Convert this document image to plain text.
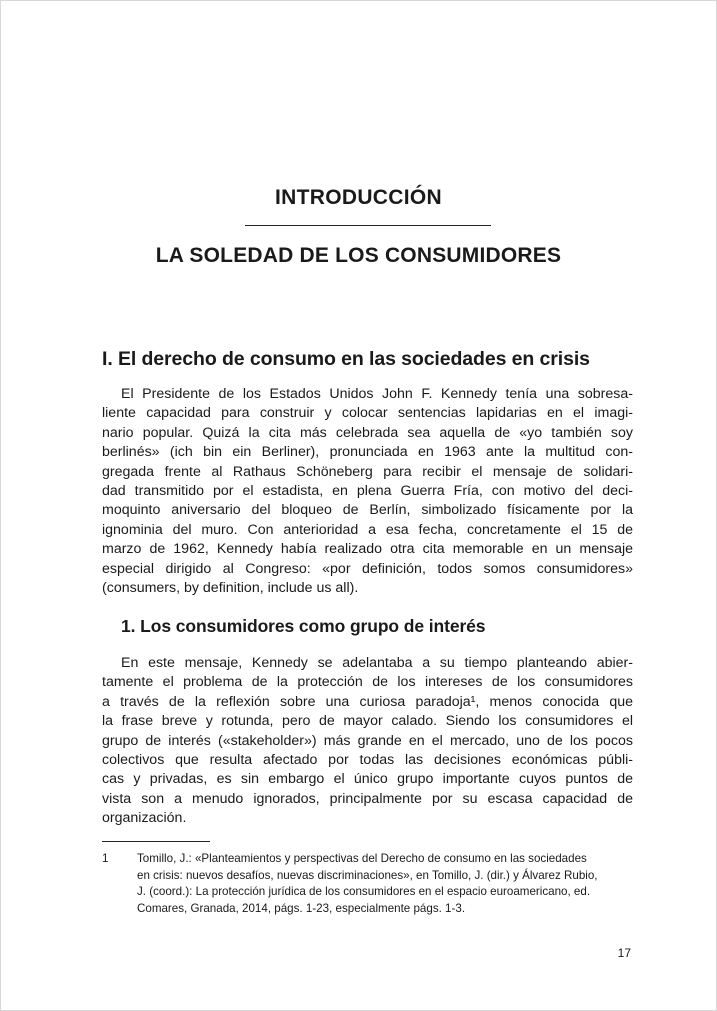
INTRODUCCIÓN
LA SOLEDAD DE LOS CONSUMIDORES
I. El derecho de consumo en las sociedades en crisis

El Presidente de los Estados Unidos John F. Kennedy tenía una sobresa-
liente capacidad para construir y colocar sentencias lapidarias en el imagi-
nario popular. Quizá la cita más celebrada sea aquella de «yo también soy
berlinés» (ich bin ein Berliner), pronunciada en 1963 ante la multitud con-
gregada frente al Rathaus Schöneberg para recibir el mensaje de solidari-
dad transmitido por el estadista, en plena Guerra Fría, con motivo del deci-
moquinto aniversario del bloqueo de Berlín, simbolizado físicamente por la
ignominia del muro. Con anterioridad a esa fecha, concretamente el 15 de
marzo de 1962, Kennedy había realizado otra cita memorable en un mensaje
especial dirigido al Congreso: «por definición, todos somos consumidores»
(consumers, by definition, include us all).

1. Los consumidores como grupo de interés

En este mensaje, Kennedy se adelantaba a su tiempo planteando abier-
tamente el problema de la protección de los intereses de los consumidores
a través de la reflexión sobre una curiosa paradoja¹, menos conocida que
la frase breve y rotunda, pero de mayor calado. Siendo los consumidores el
grupo de interés («stakeholder») más grande en el mercado, uno de los pocos
colectivos que resulta afectado por todas las decisiones económicas públi-
cas y privadas, es sin embargo el único grupo importante cuyos puntos de
vista son a menudo ignorados, principalmente por su escasa capacidad de
organización.

1 Tomillo, J.: «Planteamientos y perspectivas del Derecho de consumo en las sociedades
en crisis: nuevos desafíos, nuevas discriminaciones», en Tomillo, J. (dir.) y Álvarez Rubio,
J. (coord.): La protección jurídica de los consumidores en el espacio euroamericano, ed.
Comares, Granada, 2014, págs. 1-23, especialmente págs. 1-3.
17
